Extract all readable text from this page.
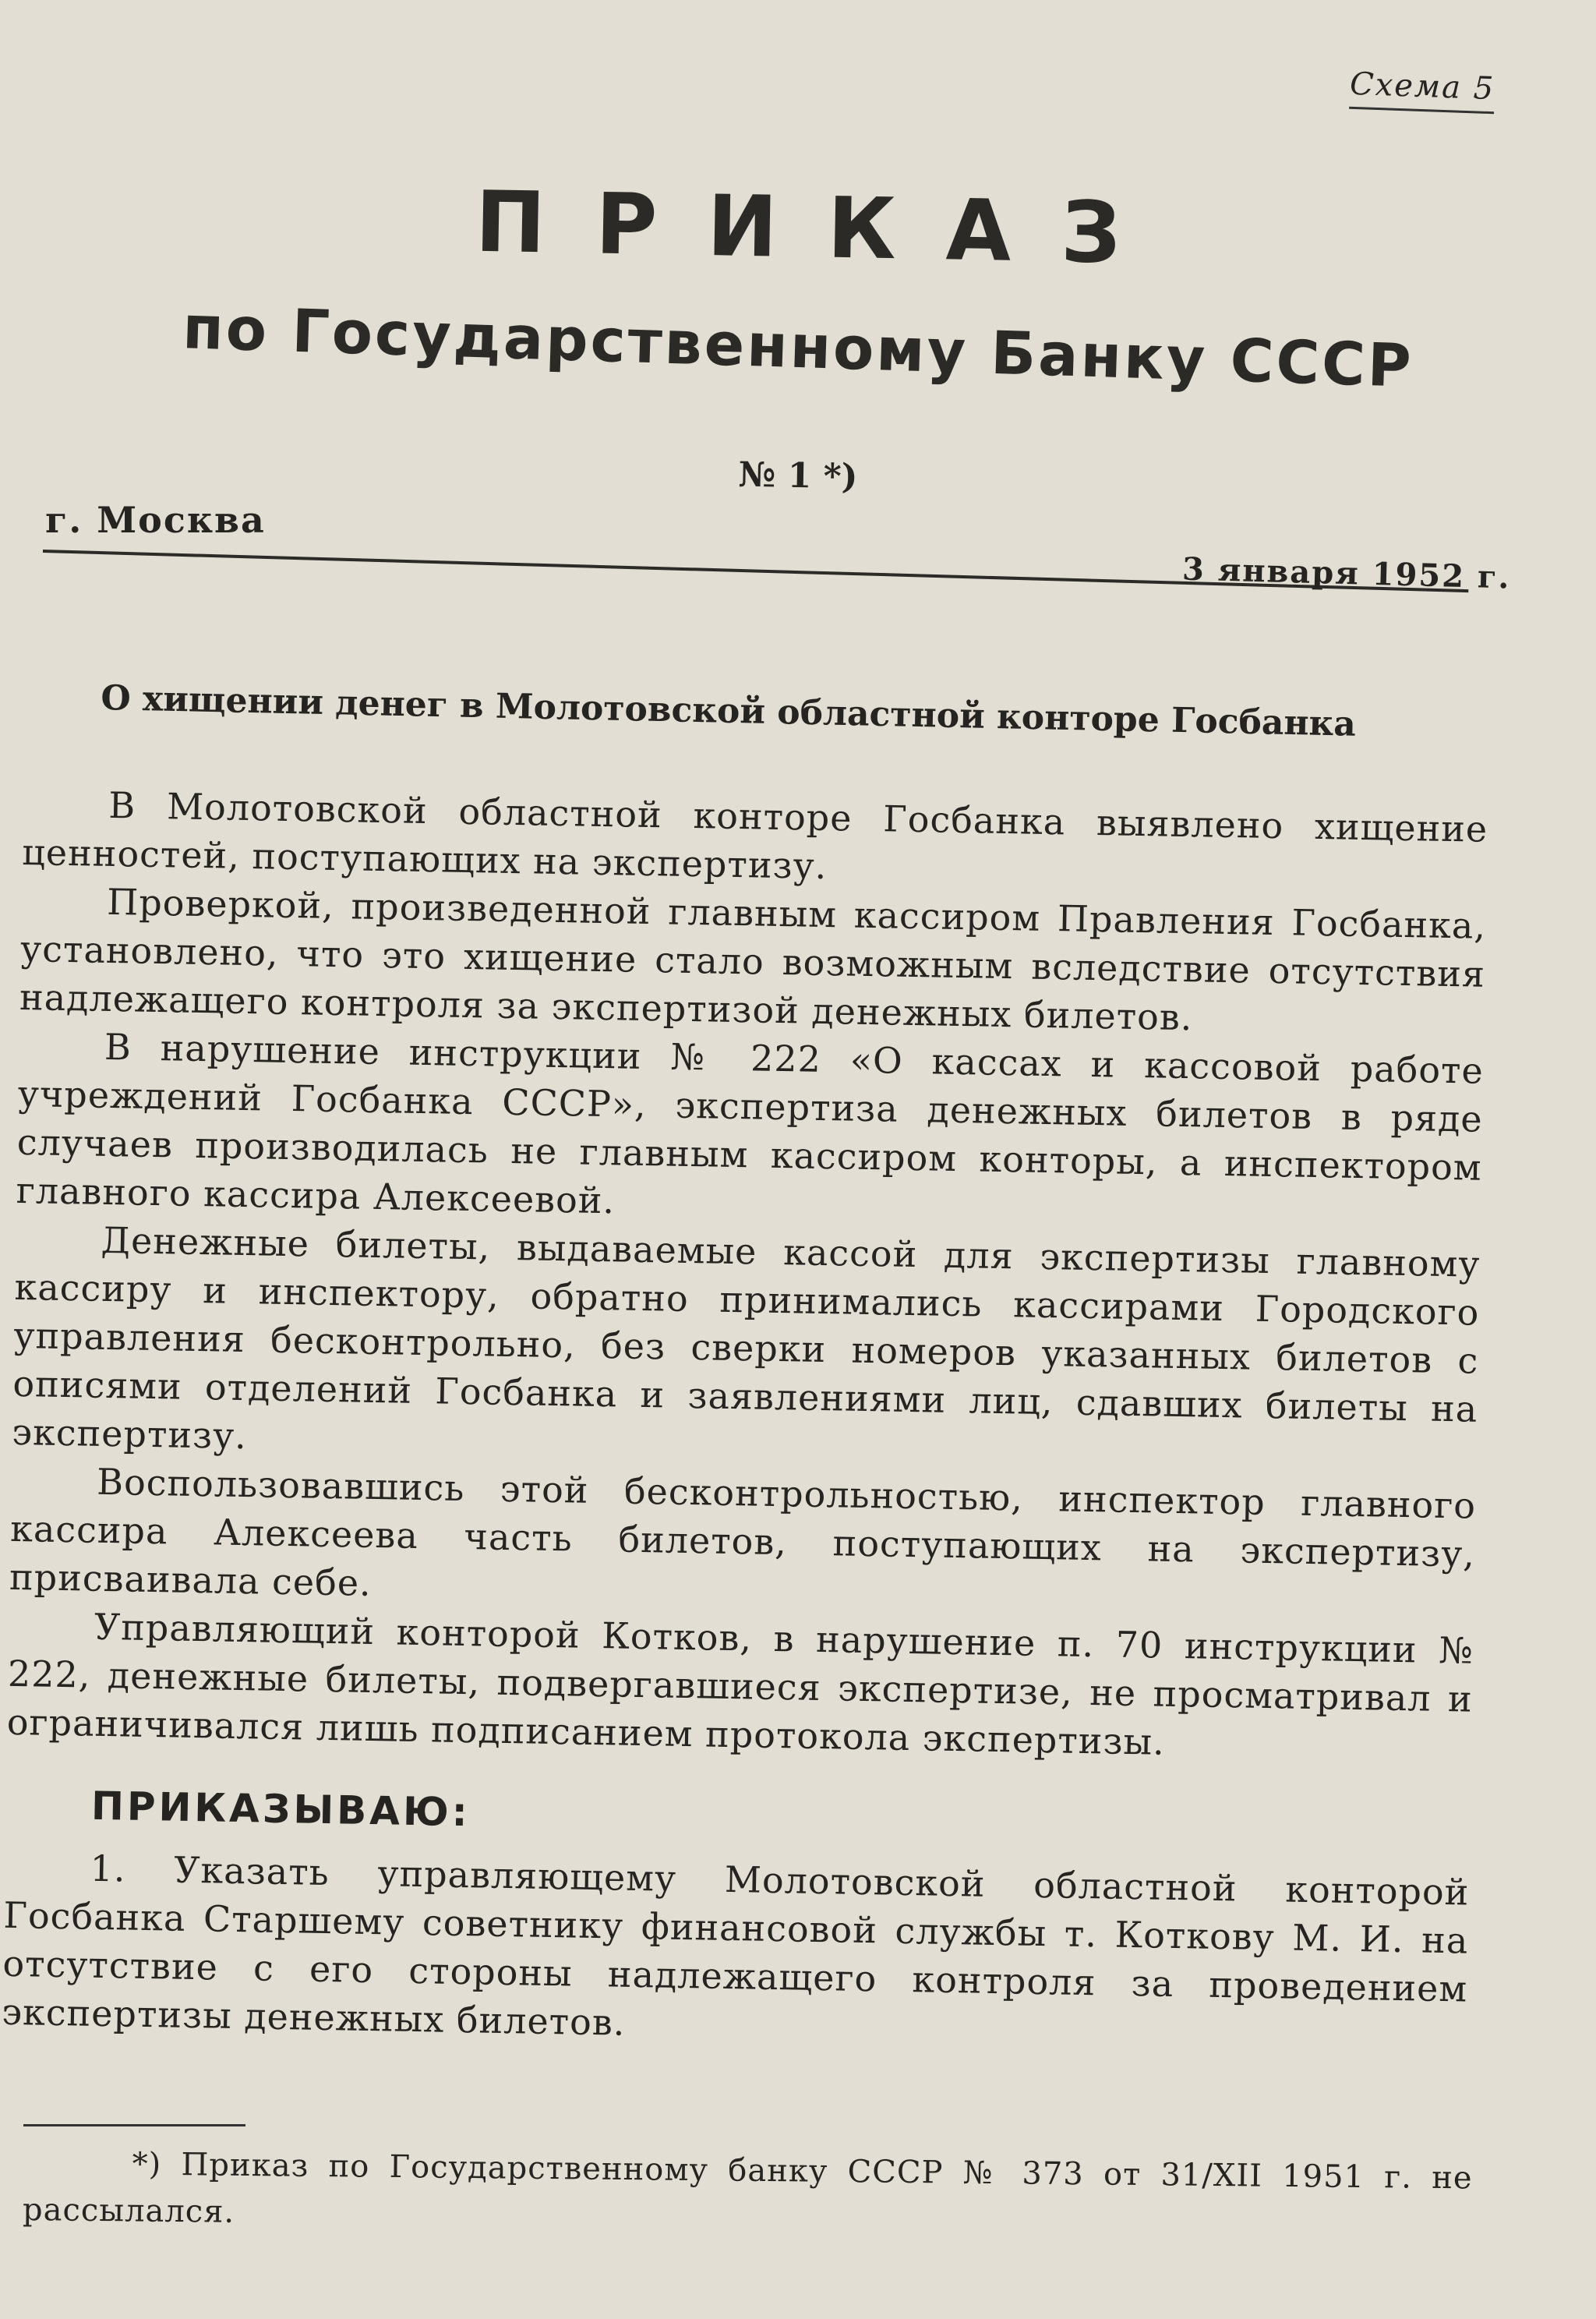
Схема 5
ПРИКАЗ
по Государственному Банку СССР
№ 1 *)
г. Москва
3 января 1952 г.
О хищении денег в Молотовской областной конторе Госбанка

В Молотовской областной конторе Госбанка выявлено хищение ценностей, поступающих на экспертизу.

Проверкой, произведенной главным кассиром Правления Госбанка, установлено, что это хищение стало возможным вследствие отсутствия надлежащего контроля за экспертизой денежных билетов.

В нарушение инструкции № 222 «О кассах и кассовой работе учреждений Госбанка СССР», экспертиза денежных билетов в ряде случаев производилась не главным кассиром конторы, а инспектором главного кассира Алексеевой.

Денежные билеты, выдаваемые кассой для экспертизы главному кассиру и инспектору, обратно принимались кассирами Городского управления бесконтрольно, без сверки номеров указанных билетов с описями отделений Госбанка и заявлениями лиц, сдавших билеты на экспертизу.

Воспользовавшись этой бесконтрольностью, инспектор главного кассира Алексеева часть билетов, поступающих на экспертизу, присваивала себе.

Управляющий конторой Котков, в нарушение п. 70 инструкции № 222, денежные билеты, подвергавшиеся экспертизе, не просматривал и ограничивался лишь подписанием протокола экспертизы.

ПРИКАЗЫВАЮ:

1. Указать управляющему Молотовской областной конторой Госбанка Старшему советнику финансовой службы т. Коткову М. И. на отсутствие с его стороны надлежащего контроля за проведением экспертизы денежных билетов.

*) Приказ по Государственному банку СССР № 373 от 31/XII 1951 г. не рассылался.
